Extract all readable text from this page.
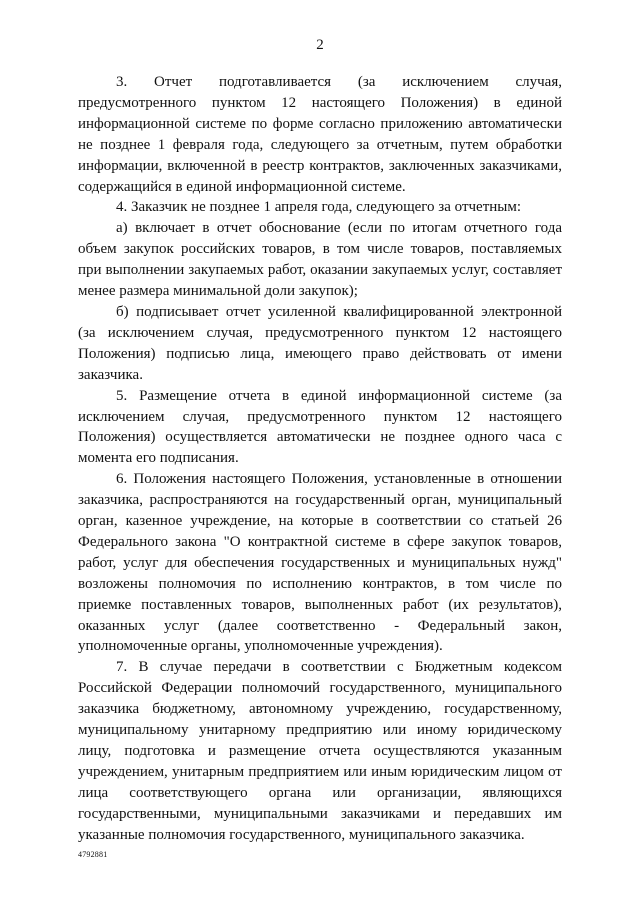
2

3. Отчет подготавливается (за исключением случая, предусмотренного пунктом 12 настоящего Положения) в единой информационной системе по форме согласно приложению автоматически не позднее 1 февраля года, следующего за отчетным, путем обработки информации, включенной в реестр контрактов, заключенных заказчиками, содержащийся в единой информационной системе.

4. Заказчик не позднее 1 апреля года, следующего за отчетным:

а) включает в отчет обоснование (если по итогам отчетного года объем закупок российских товаров, в том числе товаров, поставляемых при выполнении закупаемых работ, оказании закупаемых услуг, составляет менее размера минимальной доли закупок);

б) подписывает отчет усиленной квалифицированной электронной (за исключением случая, предусмотренного пунктом 12 настоящего Положения) подписью лица, имеющего право действовать от имени заказчика.

5. Размещение отчета в единой информационной системе (за исключением случая, предусмотренного пунктом 12 настоящего Положения) осуществляется автоматически не позднее одного часа с момента его подписания.

6. Положения настоящего Положения, установленные в отношении заказчика, распространяются на государственный орган, муниципальный орган, казенное учреждение, на которые в соответствии со статьей 26 Федерального закона "О контрактной системе в сфере закупок товаров, работ, услуг для обеспечения государственных и муниципальных нужд" возложены полномочия по исполнению контрактов, в том числе по приемке поставленных товаров, выполненных работ (их результатов), оказанных услуг (далее соответственно - Федеральный закон, уполномоченные органы, уполномоченные учреждения).

7. В случае передачи в соответствии с Бюджетным кодексом Российской Федерации полномочий государственного, муниципального заказчика бюджетному, автономному учреждению, государственному, муниципальному унитарному предприятию или иному юридическому лицу, подготовка и размещение отчета осуществляются указанным учреждением, унитарным предприятием или иным юридическим лицом от лица соответствующего органа или организации, являющихся государственными, муниципальными заказчиками и передавших им указанные полномочия государственного, муниципального заказчика.

4792881
